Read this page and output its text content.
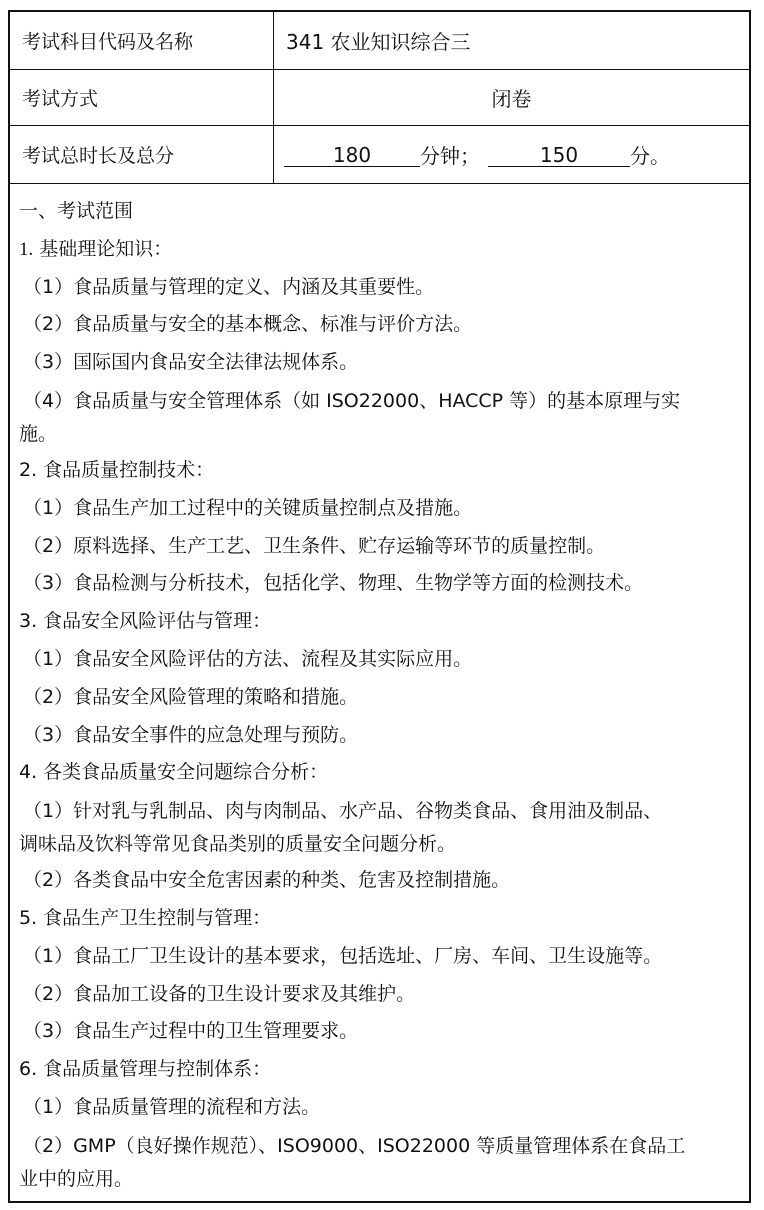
考试科目代码及名称	341 农业知识综合三
考试方式	闭卷
考试总时长及总分	180	分钟；	150	分。
一、考试范围
1. 基础理论知识：
（1）食品质量与管理的定义、内涵及其重要性。
（2）食品质量与安全的基本概念、标准与评价方法。
（3）国际国内食品安全法律法规体系。
（4）食品质量与安全管理体系（如 ISO22000、HACCP 等）的基本原理与实
施。
2. 食品质量控制技术：
（1）食品生产加工过程中的关键质量控制点及措施。
（2）原料选择、生产工艺、卫生条件、贮存运输等环节的质量控制。
（3）食品检测与分析技术，包括化学、物理、生物学等方面的检测技术。
3. 食品安全风险评估与管理：
（1）食品安全风险评估的方法、流程及其实际应用。
（2）食品安全风险管理的策略和措施。
（3）食品安全事件的应急处理与预防。
4. 各类食品质量安全问题综合分析：
（1）针对乳与乳制品、肉与肉制品、水产品、谷物类食品、食用油及制品、
调味品及饮料等常见食品类别的质量安全问题分析。
（2）各类食品中安全危害因素的种类、危害及控制措施。
5. 食品生产卫生控制与管理：
（1）食品工厂卫生设计的基本要求，包括选址、厂房、车间、卫生设施等。
（2）食品加工设备的卫生设计要求及其维护。
（3）食品生产过程中的卫生管理要求。
6. 食品质量管理与控制体系：
（1）食品质量管理的流程和方法。
（2）GMP（良好操作规范）、ISO9000、ISO22000 等质量管理体系在食品工
业中的应用。
